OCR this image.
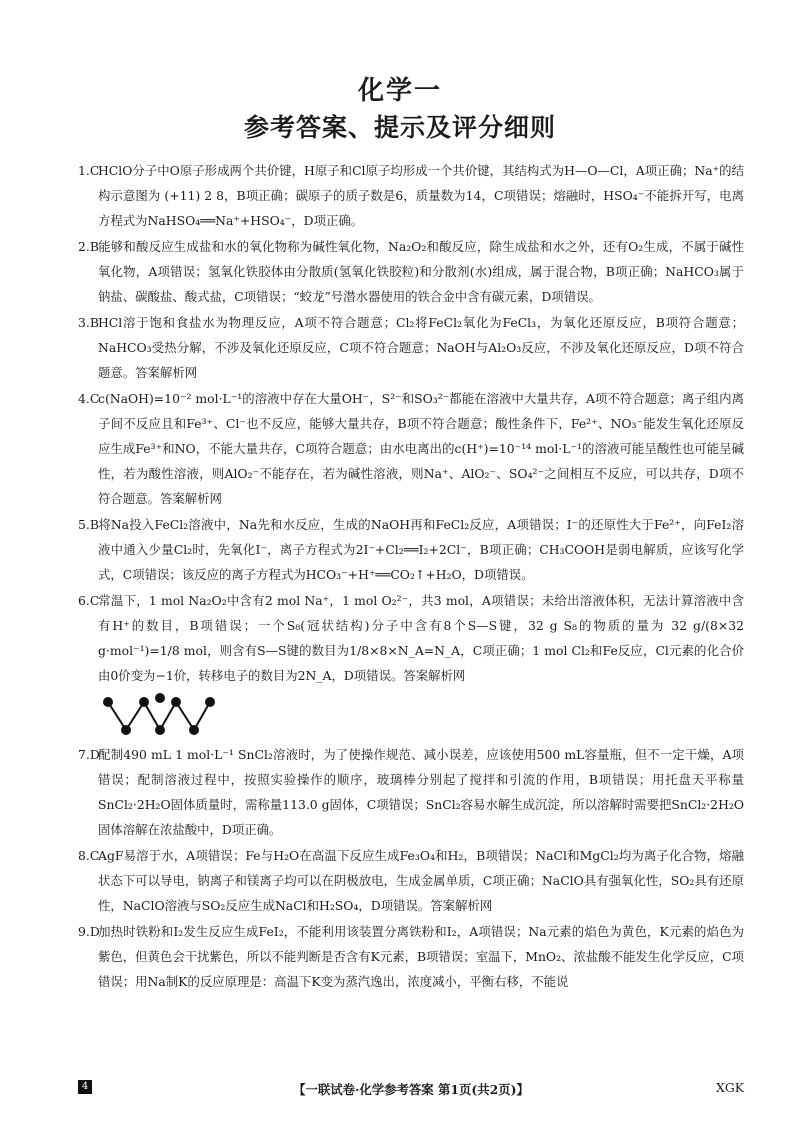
化学一
参考答案、提示及评分细则
1.CHClO分子中O原子形成两个共价键，H原子和Cl原子均形成一个共价键，其结构式为H—O—Cl，A项正确；Na⁺的结构示意图为 (+11) 2 8，B项正确；碳原子的质子数是6，质量数为14，C项错误；熔融时，HSO₄⁻不能拆开写，电离方程式为NaHSO₄══Na⁺+HSO₄⁻，D项正确。
2.B能够和酸反应生成盐和水的氧化物称为碱性氧化物，Na₂O₂和酸反应，除生成盐和水之外，还有O₂生成，不属于碱性氧化物，A项错误；氢氧化铁胶体由分散质(氢氧化铁胶粒)和分散剂(水)组成，属于混合物，B项正确；NaHCO₃属于钠盐、碳酸盐、酸式盐，C项错误；“蛟龙”号潜水器使用的铁合金中含有碳元素，D项错误。
3.BHCl溶于饱和食盐水为物理反应，A项不符合题意；Cl₂将FeCl₂氧化为FeCl₃，为氧化还原反应，B项符合题意；NaHCO₃受热分解，不涉及氧化还原反应，C项不符合题意；NaOH与Al₂O₃反应，不涉及氧化还原反应，D项不符合题意。答案解析网
4.Cc(NaOH)=10⁻² mol·L⁻¹的溶液中存在大量OH⁻，S²⁻和SO₃²⁻都能在溶液中大量共存，A项不符合题意；离子组内离子间不反应且和Fe³⁺、Cl⁻也不反应，能够大量共存，B项不符合题意；酸性条件下，Fe²⁺、NO₃⁻能发生氧化还原反应生成Fe³⁺和NO，不能大量共存，C项符合题意；由水电离出的c(H⁺)=10⁻¹⁴ mol·L⁻¹的溶液可能呈酸性也可能呈碱性，若为酸性溶液，则AlO₂⁻不能存在，若为碱性溶液，则Na⁺、AlO₂⁻、SO₄²⁻之间相互不反应，可以共存，D项不符合题意。答案解析网
5.B将Na投入FeCl₂溶液中，Na先和水反应，生成的NaOH再和FeCl₂反应，A项错误；I⁻的还原性大于Fe²⁺，向FeI₂溶液中通入少量Cl₂时，先氧化I⁻，离子方程式为2I⁻+Cl₂══I₂+2Cl⁻，B项正确；CH₃COOH是弱电解质，应该写化学式，C项错误；该反应的离子方程式为HCO₃⁻+H⁺══CO₂↑+H₂O，D项错误。
6.C常温下，1 mol Na₂O₂中含有2 mol Na⁺，1 mol O₂²⁻，共3 mol，A项错误；未给出溶液体积，无法计算溶液中含有H⁺的数目，B项错误；一个S₈(冠状结构)分子中含有8个S—S键，32 g S₈的物质的量为 32 g/(8×32 g·mol⁻¹)=1/8 mol，则含有S—S键的数目为1/8×8×N_A=N_A，C项正确；1 mol Cl₂和Fe反应，Cl元素的化合价由0价变为−1价，转移电子的数目为2N_A，D项错误。答案解析网
7.D配制490 mL 1 mol·L⁻¹ SnCl₂溶液时，为了使操作规范、减小误差，应该使用500 mL容量瓶，但不一定干燥，A项错误；配制溶液过程中，按照实验操作的顺序，玻璃棒分别起了搅拌和引流的作用，B项错误；用托盘天平称量SnCl₂·2H₂O固体质量时，需称量113.0 g固体，C项错误；SnCl₂容易水解生成沉淀，所以溶解时需要把SnCl₂·2H₂O固体溶解在浓盐酸中，D项正确。
8.CAgF易溶于水，A项错误；Fe与H₂O在高温下反应生成Fe₃O₄和H₂，B项错误；NaCl和MgCl₂均为离子化合物，熔融状态下可以导电，钠离子和镁离子均可以在阴极放电，生成金属单质，C项正确；NaClO具有强氧化性，SO₂具有还原性，NaClO溶液与SO₂反应生成NaCl和H₂SO₄，D项错误。答案解析网
9.D加热时铁粉和I₂发生反应生成FeI₂，不能利用该装置分离铁粉和I₂，A项错误；Na元素的焰色为黄色，K元素的焰色为紫色，但黄色会干扰紫色，所以不能判断是否含有K元素，B项错误；室温下，MnO₂、浓盐酸不能发生化学反应，C项错误；用Na制K的反应原理是：高温下K变为蒸汽逸出，浓度减小，平衡右移，不能说
4	【一联试卷·化学参考答案 第1页(共2页)】	XGK
